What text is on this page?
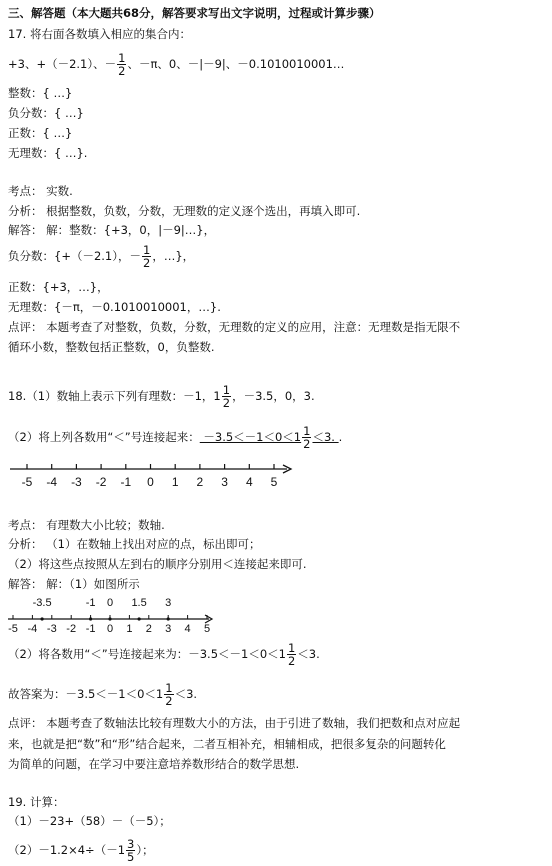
三、解答题（本大题共68分，解答要求写出文字说明，过程或计算步骤）
17. 将右面各数填入相应的集合内：
+3、+（－2.1）、－ $\frac{1}{2}$ 、－π、0、－|－9|、－0.1010010001…
整数：{ …}
负分数：{ …}
正数：{ …}
无理数：{ …}.
考点： 实数.
分析： 根据整数，负数，分数，无理数的定义逐个选出，再填入即可.
解答： 解：整数：{+3，0，|－9|…}，
负分数：{+（－2.1），－ $\frac{1}{2}$ ，…}，
正数：{+3，…}，
无理数：{－π，－0.1010010001，…}.
点评： 本题考查了对整数，负数，分数，无理数的定义的应用，注意：无理数是指无限不
循环小数，整数包括正整数，0，负整数.
18.（1）数轴上表示下列有理数：－1，$1 \frac{1}{2}$ ，－3.5，0，3.
（2）将上列各数用“＜”号连接起来： $-3.5<-1<0<1 \frac{1}{2} <3$. .
-5 -4 -3 -2 -1 0 1 2 3 4 5
考点： 有理数大小比较；数轴.
分析： （1）在数轴上找出对应的点，标出即可；
（2）将这些点按照从左到右的顺序分别用＜连接起来即可.
解答： 解：（1）如图所示
-3.5	-1 0 1.5 3
-5 -4 -3 -2 -1 0 1 2 3 4 5
（2）将各数用“＜”号连接起来为：$-3.5<-1<0<1 \frac{1}{2} <3$.
故答案为：$-3.5<-1<0<1 \frac{1}{2} <3$.
点评： 本题考查了数轴法比较有理数大小的方法，由于引进了数轴，我们把数和点对应起
来，也就是把“数”和“形”结合起来，二者互相补充，相辅相成，把很多复杂的问题转化
为简单的问题，在学习中要注意培养数形结合的数学思想.
19. 计算：
（1）－23+（58）－（－5）；
$(2)-1.2\times 4\div(-1 \frac{3}{5}$ ）；
